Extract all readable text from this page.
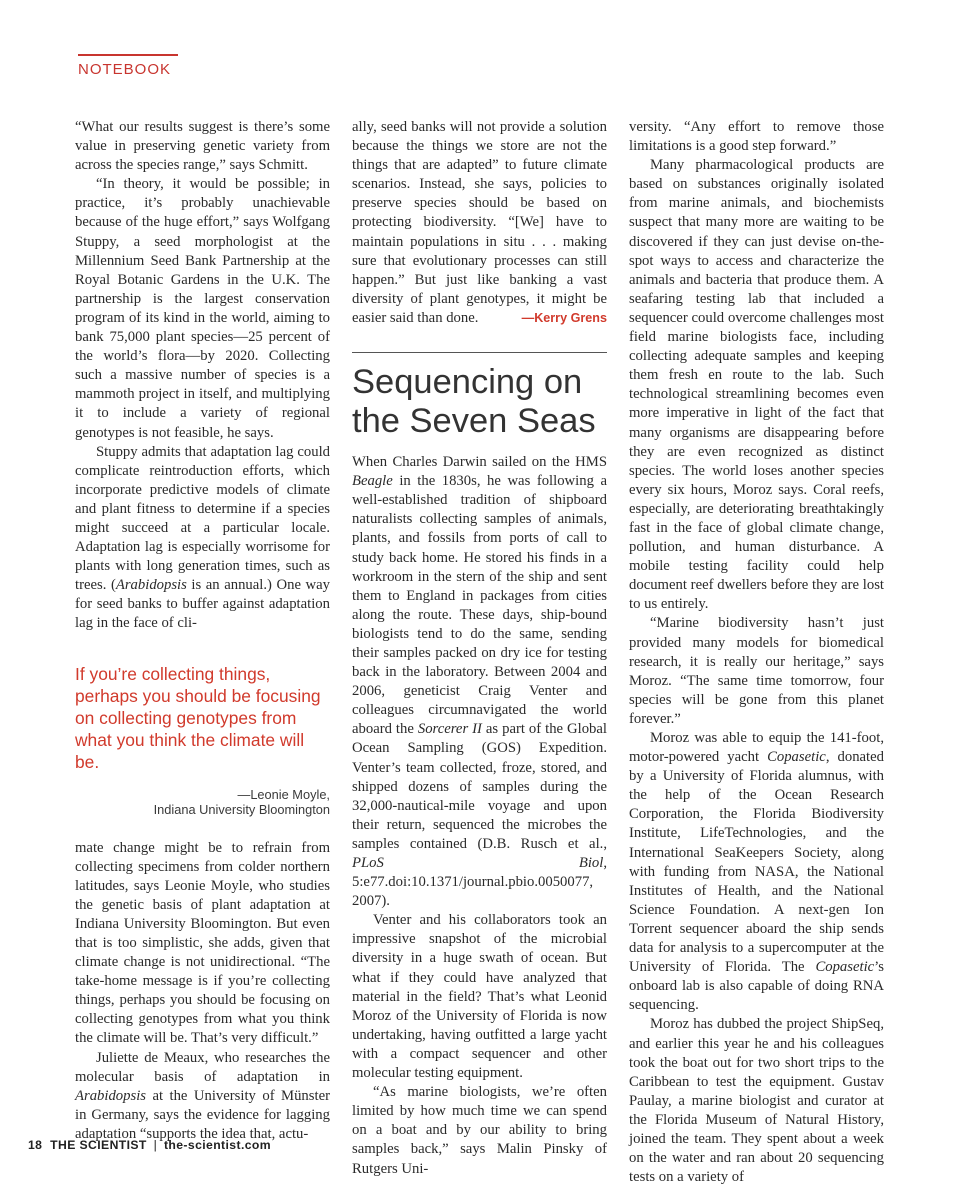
NOTEBOOK

“What our results suggest is there’s some value in preserving genetic variety from across the species range,” says Schmitt.

“In theory, it would be possible; in practice, it’s probably unachievable because of the huge effort,” says Wolfgang Stuppy, a seed morphologist at the Millennium Seed Bank Partnership at the Royal Botanic Gardens in the U.K. The partnership is the largest conservation program of its kind in the world, aiming to bank 75,000 plant species—25 percent of the world’s flora—by 2020. Collecting such a massive number of species is a mammoth project in itself, and multiplying it to include a variety of regional genotypes is not feasible, he says.

Stuppy admits that adaptation lag could complicate reintroduction efforts, which incorporate predictive models of climate and plant fitness to determine if a species might succeed at a particular locale. Adaptation lag is especially worrisome for plants with long generation times, such as trees. (Arabidopsis is an annual.) One way for seed banks to buffer against adaptation lag in the face of cli-

If you’re collecting things, perhaps you should be focusing on collecting genotypes from what you think the climate will be.
—Leonie Moyle,
Indiana University Bloomington

mate change might be to refrain from collecting specimens from colder northern latitudes, says Leonie Moyle, who studies the genetic basis of plant adaptation at Indiana University Bloomington. But even that is too simplistic, she adds, given that climate change is not unidirectional. “The take-home message is if you’re collecting things, perhaps you should be focusing on collecting genotypes from what you think the climate will be. That’s very difficult.”

Juliette de Meaux, who researches the molecular basis of adaptation in Arabidopsis at the University of Münster in Germany, says the evidence for lagging adaptation “supports the idea that, actu-

ally, seed banks will not provide a solution because the things we store are not the things that are adapted” to future climate scenarios. Instead, she says, policies to preserve species should be based on protecting biodiversity. “[We] have to maintain populations in situ . . . making sure that evolutionary processes can still happen.” But just like banking a vast diversity of plant genotypes, it might be easier said than done.	—Kerry Grens

Sequencing on the Seven Seas

When Charles Darwin sailed on the HMS Beagle in the 1830s, he was following a well-established tradition of shipboard naturalists collecting samples of animals, plants, and fossils from ports of call to study back home. He stored his finds in a workroom in the stern of the ship and sent them to England in packages from cities along the route. These days, ship-bound biologists tend to do the same, sending their samples packed on dry ice for testing back in the laboratory. Between 2004 and 2006, geneticist Craig Venter and colleagues circumnavigated the world aboard the Sorcerer II as part of the Global Ocean Sampling (GOS) Expedition. Venter’s team collected, froze, stored, and shipped dozens of samples during the 32,000-nautical-mile voyage and upon their return, sequenced the microbes the samples contained (D.B. Rusch et al., PLoS Biol, 5:e77.doi:10.1371/journal.pbio.0050077, 2007).

Venter and his collaborators took an impressive snapshot of the microbial diversity in a huge swath of ocean. But what if they could have analyzed that material in the field? That’s what Leonid Moroz of the University of Florida is now undertaking, having outfitted a large yacht with a compact sequencer and other molecular testing equipment.

“As marine biologists, we’re often limited by how much time we can spend on a boat and by our ability to bring samples back,” says Malin Pinsky of Rutgers Uni-

versity. “Any effort to remove those limitations is a good step forward.”

Many pharmacological products are based on substances originally isolated from marine animals, and biochemists suspect that many more are waiting to be discovered if they can just devise on-the-spot ways to access and characterize the animals and bacteria that produce them. A seafaring testing lab that included a sequencer could overcome challenges most field marine biologists face, including collecting adequate samples and keeping them fresh en route to the lab. Such technological streamlining becomes even more imperative in light of the fact that many organisms are disappearing before they are even recognized as distinct species. The world loses another species every six hours, Moroz says. Coral reefs, especially, are deteriorating breathtakingly fast in the face of global climate change, pollution, and human disturbance. A mobile testing facility could help document reef dwellers before they are lost to us entirely.

“Marine biodiversity hasn’t just provided many models for biomedical research, it is really our heritage,” says Moroz. “The same time tomorrow, four species will be gone from this planet forever.”

Moroz was able to equip the 141-foot, motor-powered yacht Copasetic, donated by a University of Florida alumnus, with the help of the Ocean Research Corporation, the Florida Biodiversity Institute, LifeTechnologies, and the International SeaKeepers Society, along with funding from NASA, the National Institutes of Health, and the National Science Foundation. A next-gen Ion Torrent sequencer aboard the ship sends data for analysis to a supercomputer at the University of Florida. The Copasetic’s onboard lab is also capable of doing RNA sequencing.

Moroz has dubbed the project ShipSeq, and earlier this year he and his colleagues took the boat out for two short trips to the Caribbean to test the equipment. Gustav Paulay, a marine biologist and curator at the Florida Museum of Natural History, joined the team. They spent about a week on the water and ran about 20 sequencing tests on a variety of

18 THE SCIENTIST | the-scientist.com
